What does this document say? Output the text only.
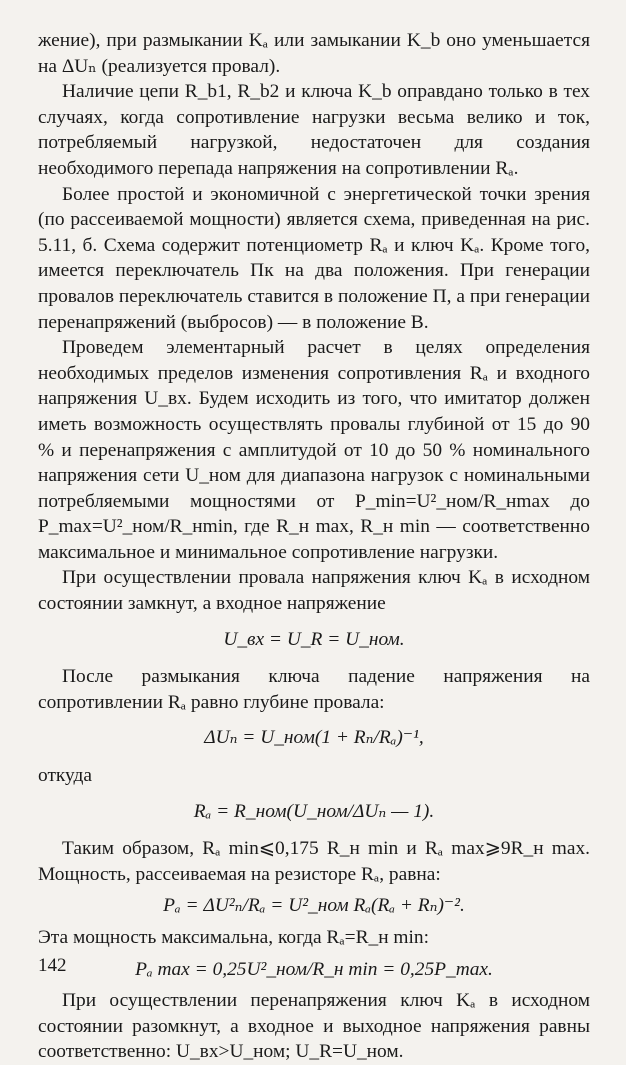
жение), при размыкании Kₐ или замыкании K_b оно уменьшается на ΔUₙ (реализуется провал).

Наличие цепи R_b1, R_b2 и ключа K_b оправдано только в тех случаях, когда сопротивление нагрузки весьма велико и ток, потребляемый нагрузкой, недостаточен для создания необходимого перепада напряжения на сопротивлении Rₐ.

Более простой и экономичной с энергетической точки зрения (по рассеиваемой мощности) является схема, приведенная на рис. 5.11, б. Схема содержит потенциометр Rₐ и ключ Kₐ. Кроме того, имеется переключатель Пк на два положения. При генерации провалов переключатель ставится в положение П, а при генерации перенапряжений (выбросов) — в положение В.

Проведем элементарный расчет в целях определения необходимых пределов изменения сопротивления Rₐ и входного напряжения U_вх. Будем исходить из того, что имитатор должен иметь возможность осуществлять провалы глубиной от 15 до 90 % и перенапряжения с амплитудой от 10 до 50 % номинального напряжения сети U_ном для диапазона нагрузок с номинальными потребляемыми мощностями от P_min=U²_ном/R_нmax до P_max=U²_ном/R_нmin, где R_н max, R_н min — соответственно максимальное и минимальное сопротивление нагрузки.

При осуществлении провала напряжения ключ Kₐ в исходном состоянии замкнут, а входное напряжение

U_вх = U_R = U_ном.

После размыкания ключа падение напряжения на сопротивлении Rₐ равно глубине провала:

ΔUₙ = U_ном(1 + Rₙ/Rₐ)⁻¹,

откуда

Rₐ = R_ном(U_ном/ΔUₙ — 1).

Таким образом, Rₐ min⩽0,175 R_н min и Rₐ max⩾9R_н max. Мощность, рассеиваемая на резисторе Rₐ, равна:

Pₐ = ΔU²ₙ/Rₐ = U²_ном Rₐ(Rₐ + Rₙ)⁻².

Эта мощность максимальна, когда Rₐ=R_н min:

Pₐ max = 0,25U²_ном/R_н min = 0,25P_max.

При осуществлении перенапряжения ключ Kₐ в исходном состоянии разомкнут, а входное и выходное напряжения равны соответственно: U_вх>U_ном; U_R=U_ном.

142
